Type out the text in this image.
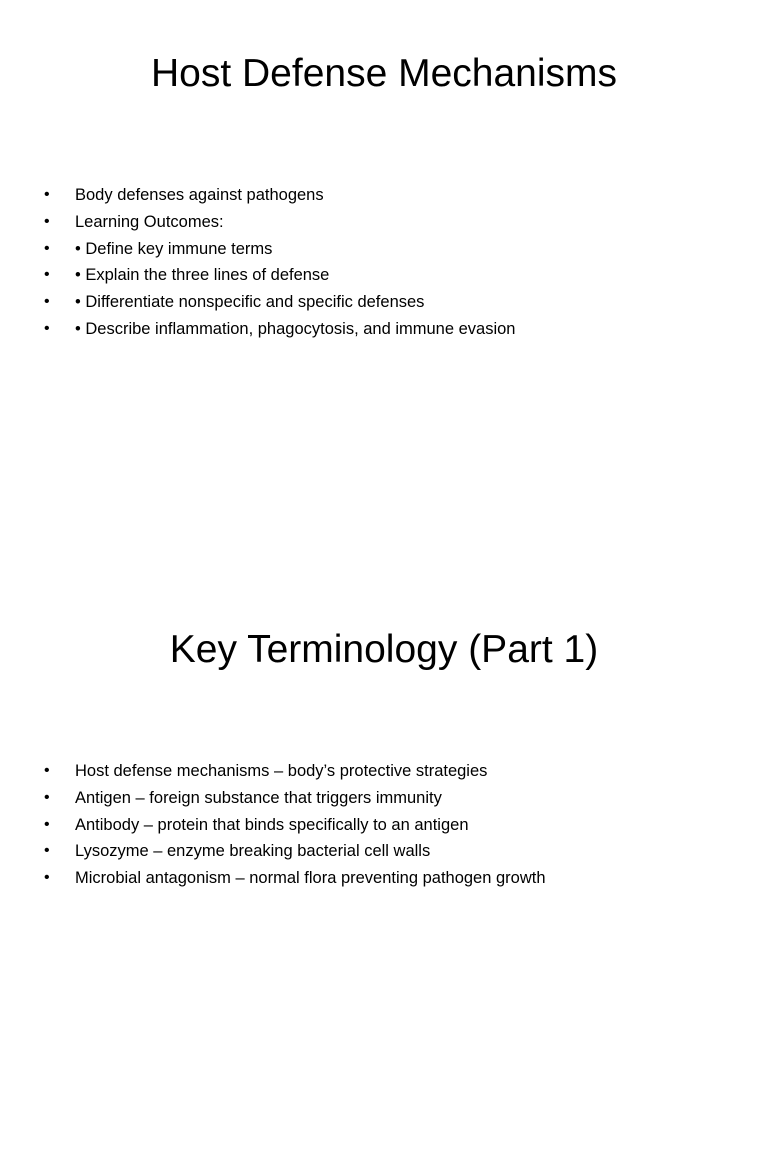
Host Defense Mechanisms
• Body defenses against pathogens
• Learning Outcomes:
• • Define key immune terms
• • Explain the three lines of defense
• • Differentiate nonspecific and specific defenses
• • Describe inflammation, phagocytosis, and immune evasion
Key Terminology (Part 1)
• Host defense mechanisms – body’s protective strategies
• Antigen – foreign substance that triggers immunity
• Antibody – protein that binds specifically to an antigen
• Lysozyme – enzyme breaking bacterial cell walls
• Microbial antagonism – normal flora preventing pathogen growth
